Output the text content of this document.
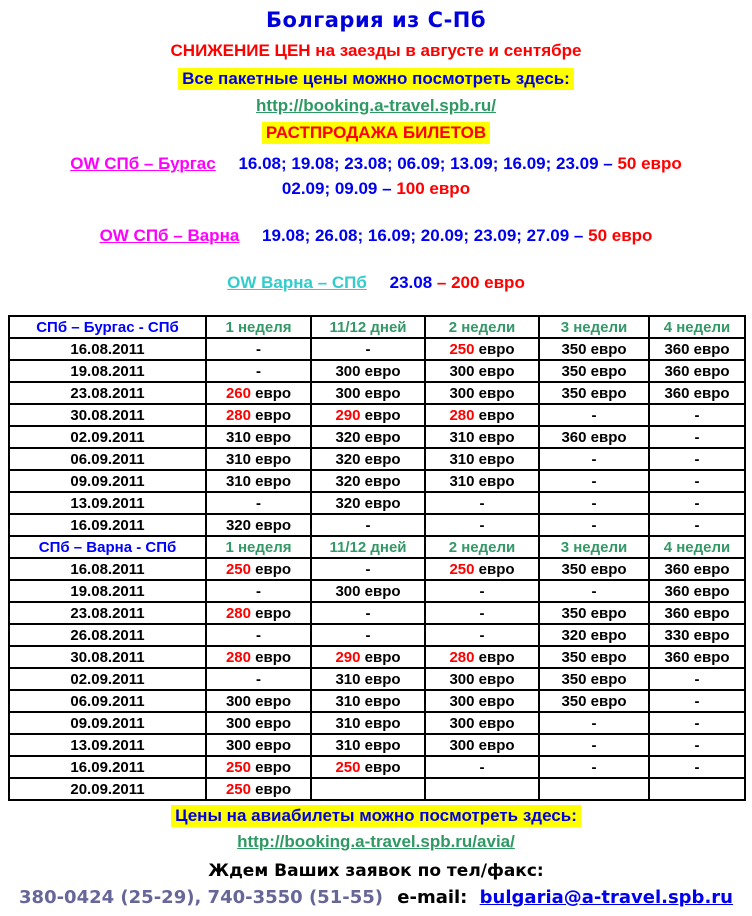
Болгария из С-Пб
СНИЖЕНИЕ ЦЕН на заезды в августе и сентябре
Все пакетные цены можно посмотреть здесь:
http://booking.a-travel.spb.ru/
РАСТПРОДАЖА БИЛЕТОВ
OW СПб – Бургас 16.08; 19.08; 23.08; 06.09; 13.09; 16.09; 23.09 – 50 евро
02.09; 09.09 – 100 евро
OW СПб – Варна 19.08; 26.08; 16.09; 20.09; 23.09; 27.09 – 50 евро
OW Варна – СПб 23.08 – 200 евро
СПб – Бургас - СПб	1 неделя	11/12 дней	2 недели	3 недели	4 недели
16.08.2011	-	-	250 евро	350 евро	360 евро
19.08.2011	-	300 евро	300 евро	350 евро	360 евро
23.08.2011	260 евро	300 евро	300 евро	350 евро	360 евро
30.08.2011	280 евро	290 евро	280 евро	-	-
02.09.2011	310 евро	320 евро	310 евро	360 евро	-
06.09.2011	310 евро	320 евро	310 евро	-	-
09.09.2011	310 евро	320 евро	310 евро	-	-
13.09.2011	-	320 евро	-	-	-
16.09.2011	320 евро	-	-	-	-
СПб – Варна - СПб	1 неделя	11/12 дней	2 недели	3 недели	4 недели
16.08.2011	250 евро	-	250 евро	350 евро	360 евро
19.08.2011	-	300 евро	-	-	360 евро
23.08.2011	280 евро	-	-	350 евро	360 евро
26.08.2011	-	-	-	320 евро	330 евро
30.08.2011	280 евро	290 евро	280 евро	350 евро	360 евро
02.09.2011	-	310 евро	300 евро	350 евро	-
06.09.2011	300 евро	310 евро	300 евро	350 евро	-
09.09.2011	300 евро	310 евро	300 евро	-	-
13.09.2011	300 евро	310 евро	300 евро	-	-
16.09.2011	250 евро	250 евро	-	-	-
20.09.2011	250 евро				
Цены на авиабилеты можно посмотреть здесь:
http://booking.a-travel.spb.ru/avia/
Ждем Ваших заявок по тел/факс:
380-0424 (25-29), 740-3550 (51-55) e-mail: bulgaria@a-travel.spb.ru
